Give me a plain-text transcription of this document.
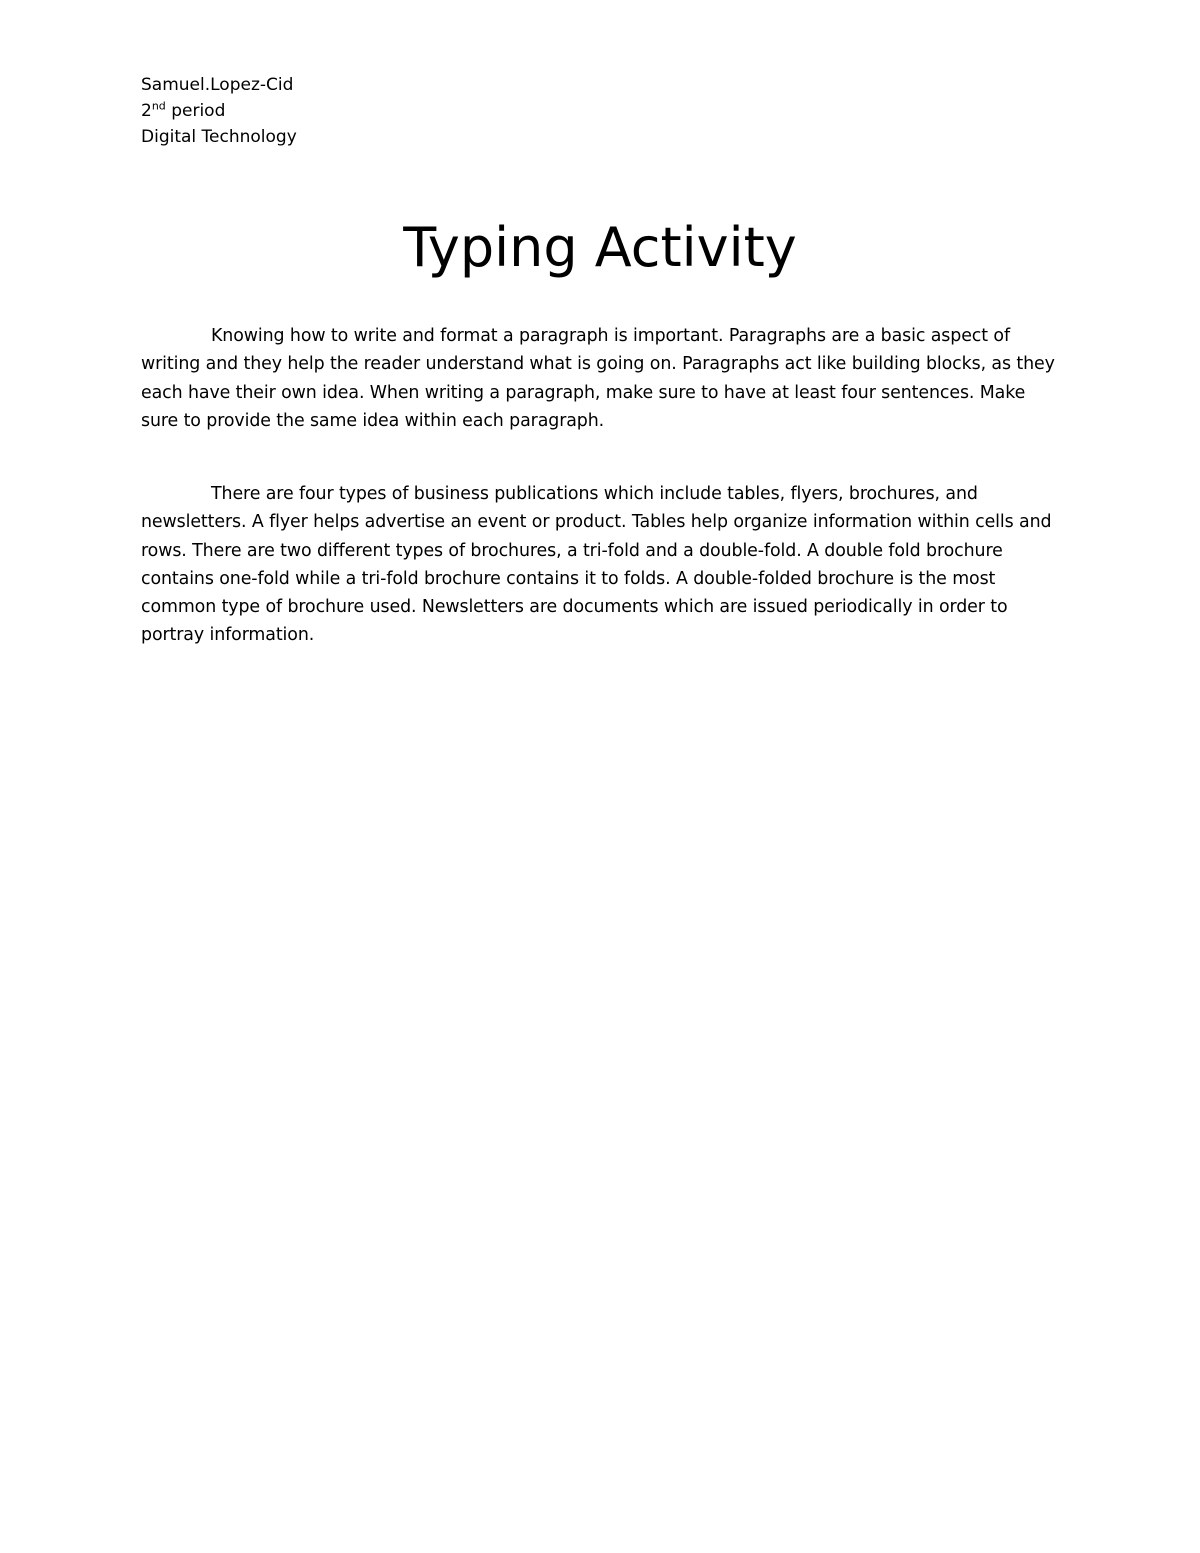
Samuel.Lopez-Cid
2nd period
Digital Technology
Typing Activity

Knowing how to write and format a paragraph is important. Paragraphs are a basic aspect of writing and they help the reader understand what is going on. Paragraphs act like building blocks, as they each have their own idea. When writing a paragraph, make sure to have at least four sentences. Make sure to provide the same idea within each paragraph.

There are four types of business publications which include tables, flyers, brochures, and newsletters. A flyer helps advertise an event or product. Tables help organize information within cells and rows. There are two different types of brochures, a tri-fold and a double-fold. A double fold brochure contains one-fold while a tri-fold brochure contains it to folds. A double-folded brochure is the most common type of brochure used. Newsletters are documents which are issued periodically in order to portray information.
